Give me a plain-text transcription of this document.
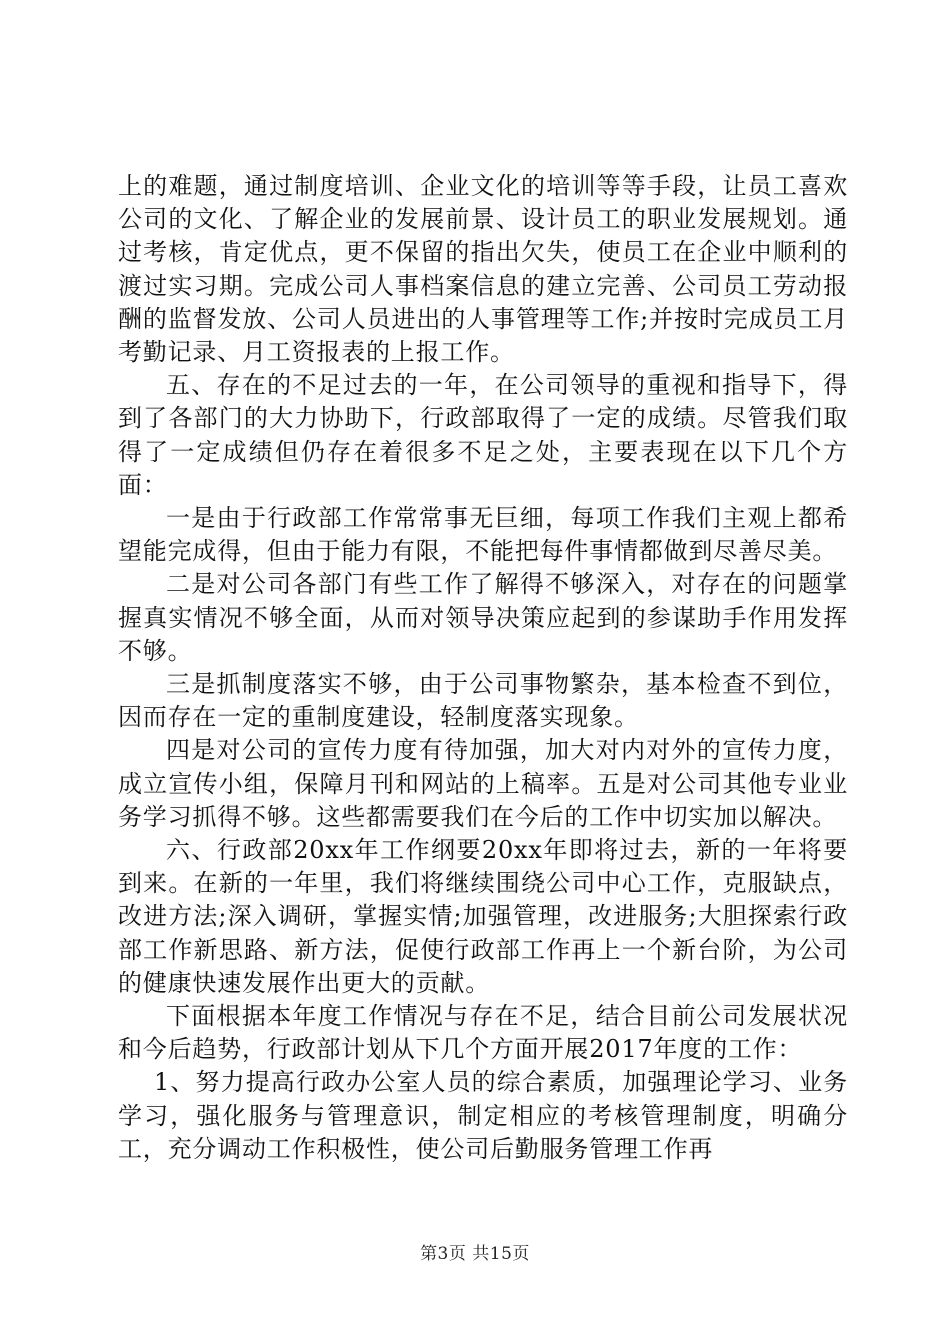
上的难题，通过制度培训、企业文化的培训等等手段，让员工喜欢公司的文化、了解企业的发展前景、设计员工的职业发展规划。通过考核，肯定优点，更不保留的指出欠失，使员工在企业中顺利的渡过实习期。完成公司人事档案信息的建立完善、公司员工劳动报酬的监督发放、公司人员进出的人事管理等工作;并按时完成员工月考勤记录、月工资报表的上报工作。

五、存在的不足过去的一年，在公司领导的重视和指导下，得到了各部门的大力协助下，行政部取得了一定的成绩。尽管我们取得了一定成绩但仍存在着很多不足之处，主要表现在以下几个方面：

一是由于行政部工作常常事无巨细，每项工作我们主观上都希望能完成得，但由于能力有限，不能把每件事情都做到尽善尽美。

二是对公司各部门有些工作了解得不够深入，对存在的问题掌握真实情况不够全面，从而对领导决策应起到的参谋助手作用发挥不够。

三是抓制度落实不够，由于公司事物繁杂，基本检查不到位，因而存在一定的重制度建设，轻制度落实现象。

四是对公司的宣传力度有待加强，加大对内对外的宣传力度，成立宣传小组，保障月刊和网站的上稿率。五是对公司其他专业业务学习抓得不够。这些都需要我们在今后的工作中切实加以解决。

六、行政部20xx年工作纲要20xx年即将过去，新的一年将要到来。在新的一年里，我们将继续围绕公司中心工作，克服缺点，改进方法;深入调研，掌握实情;加强管理，改进服务;大胆探索行政部工作新思路、新方法，促使行政部工作再上一个新台阶，为公司的健康快速发展作出更大的贡献。

下面根据本年度工作情况与存在不足，结合目前公司发展状况和今后趋势，行政部计划从下几个方面开展2017年度的工作：

1、努力提高行政办公室人员的综合素质，加强理论学习、业务学习，强化服务与管理意识，制定相应的考核管理制度，明确分工，充分调动工作积极性，使公司后勤服务管理工作再

第3页 共15页
